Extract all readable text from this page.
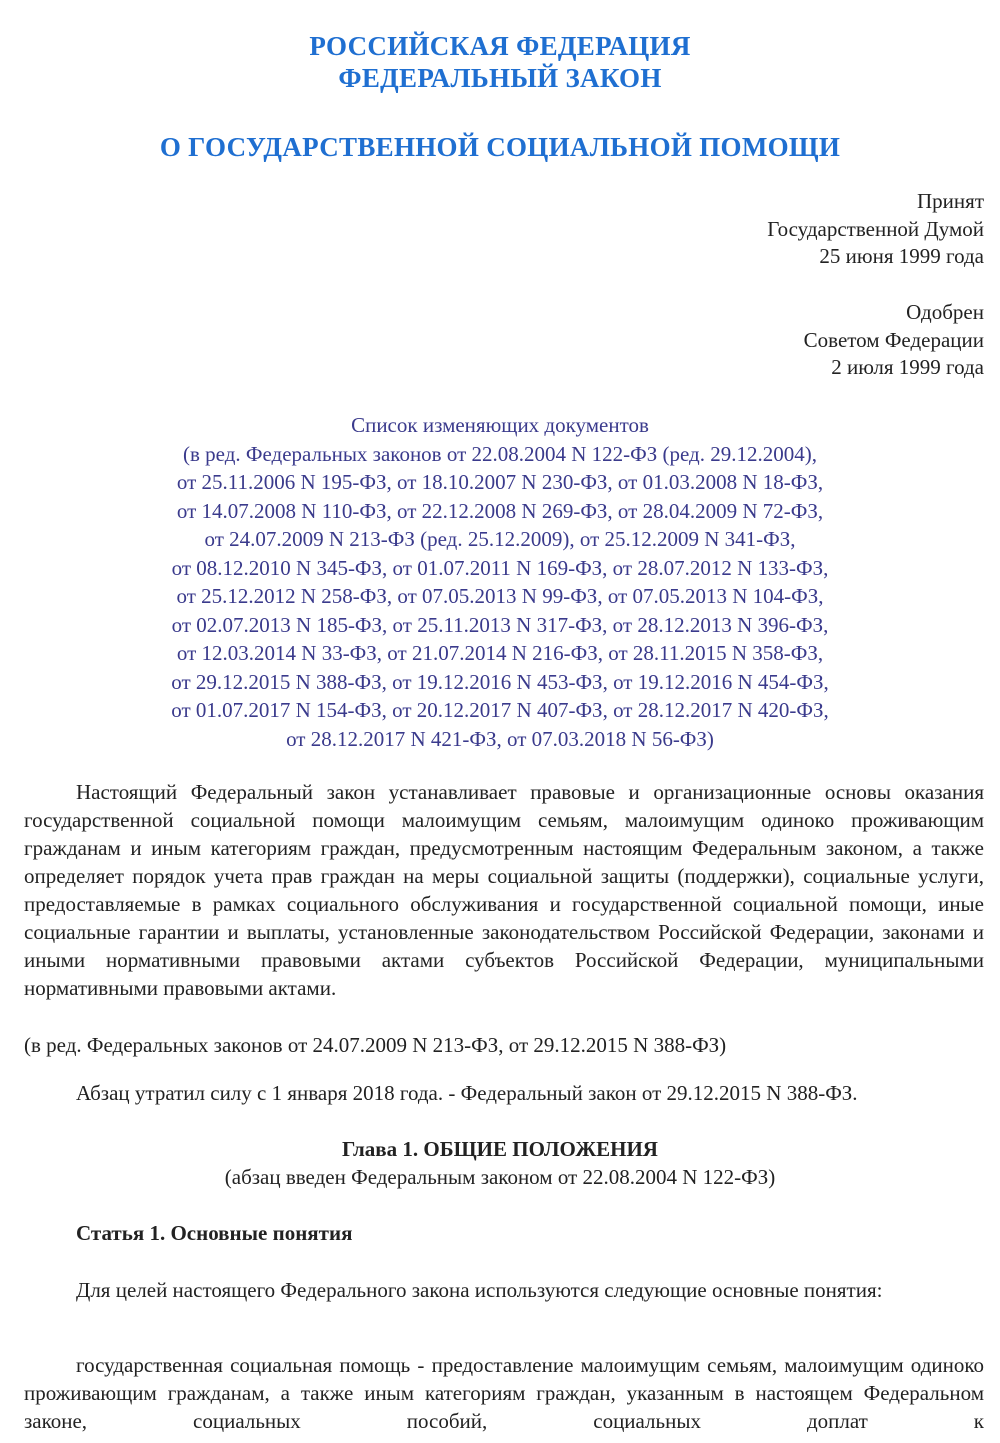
РОССИЙСКАЯ ФЕДЕРАЦИЯ
ФЕДЕРАЛЬНЫЙ ЗАКОН
О ГОСУДАРСТВЕННОЙ СОЦИАЛЬНОЙ ПОМОЩИ
Принят
Государственной Думой
25 июня 1999 года
Одобрен
Советом Федерации
2 июля 1999 года
Список изменяющих документов
(в ред. Федеральных законов от 22.08.2004 N 122-ФЗ (ред. 29.12.2004),
от 25.11.2006 N 195-ФЗ, от 18.10.2007 N 230-ФЗ, от 01.03.2008 N 18-ФЗ,
от 14.07.2008 N 110-ФЗ, от 22.12.2008 N 269-ФЗ, от 28.04.2009 N 72-ФЗ,
от 24.07.2009 N 213-ФЗ (ред. 25.12.2009), от 25.12.2009 N 341-ФЗ,
от 08.12.2010 N 345-ФЗ, от 01.07.2011 N 169-ФЗ, от 28.07.2012 N 133-ФЗ,
от 25.12.2012 N 258-ФЗ, от 07.05.2013 N 99-ФЗ, от 07.05.2013 N 104-ФЗ,
от 02.07.2013 N 185-ФЗ, от 25.11.2013 N 317-ФЗ, от 28.12.2013 N 396-ФЗ,
от 12.03.2014 N 33-ФЗ, от 21.07.2014 N 216-ФЗ, от 28.11.2015 N 358-ФЗ,
от 29.12.2015 N 388-ФЗ, от 19.12.2016 N 453-ФЗ, от 19.12.2016 N 454-ФЗ,
от 01.07.2017 N 154-ФЗ, от 20.12.2017 N 407-ФЗ, от 28.12.2017 N 420-ФЗ,
от 28.12.2017 N 421-ФЗ, от 07.03.2018 N 56-ФЗ)

Настоящий Федеральный закон устанавливает правовые и организационные основы оказания государственной социальной помощи малоимущим семьям, малоимущим одиноко проживающим гражданам и иным категориям граждан, предусмотренным настоящим Федеральным законом, а также определяет порядок учета прав граждан на меры социальной защиты (поддержки), социальные услуги, предоставляемые в рамках социального обслуживания и государственной социальной помощи, иные социальные гарантии и выплаты, установленные законодательством Российской Федерации, законами и иными нормативными правовыми актами субъектов Российской Федерации, муниципальными нормативными правовыми актами.

(в ред. Федеральных законов от 24.07.2009 N 213-ФЗ, от 29.12.2015 N 388-ФЗ)

Абзац утратил силу с 1 января 2018 года. - Федеральный закон от 29.12.2015 N 388-ФЗ.

Глава 1. ОБЩИЕ ПОЛОЖЕНИЯ
(абзац введен Федеральным законом от 22.08.2004 N 122-ФЗ)
Статья 1. Основные понятия

Для целей настоящего Федерального закона используются следующие основные понятия:

государственная социальная помощь - предоставление малоимущим семьям, малоимущим одиноко проживающим гражданам, а также иным категориям граждан, указанным в настоящем Федеральном законе, социальных пособий, социальных доплат к
